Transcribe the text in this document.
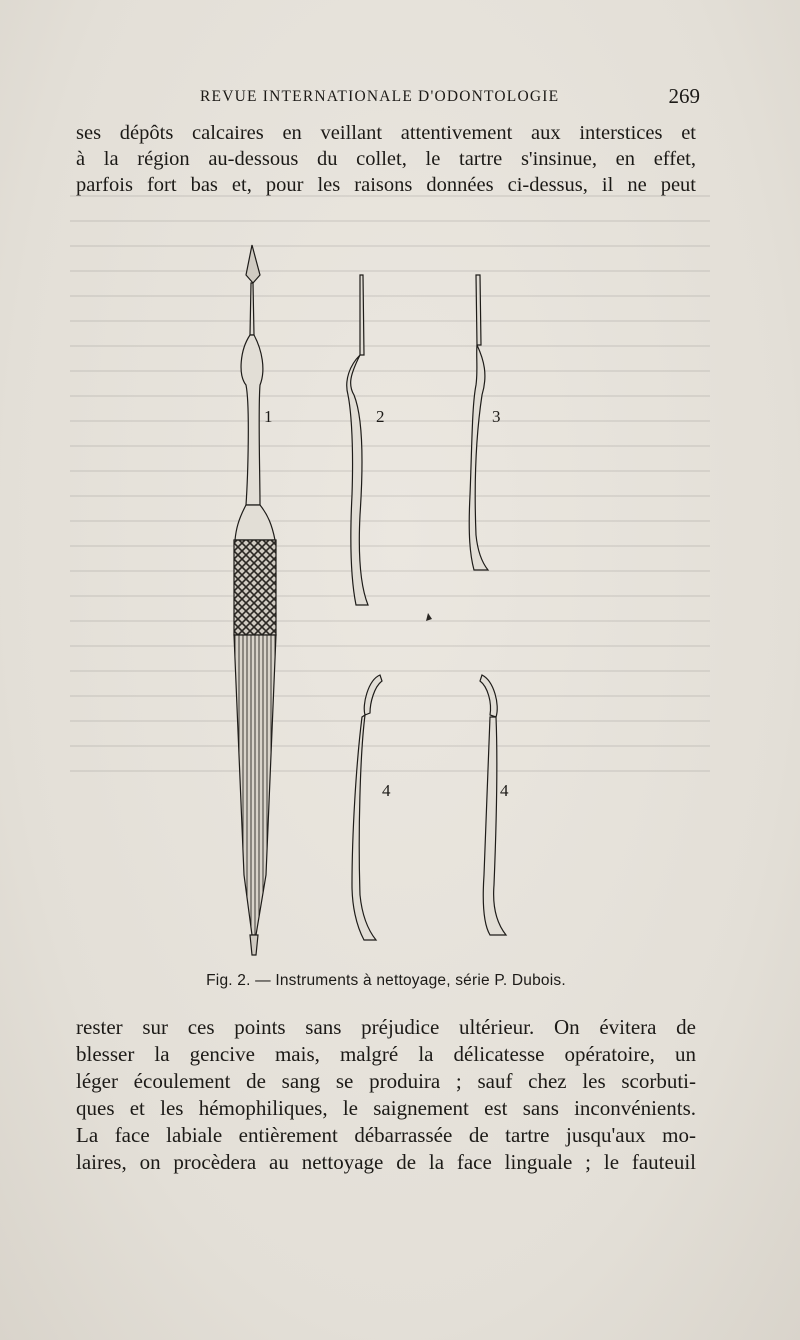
REVUE INTERNATIONALE D'ODONTOLOGIE	269
ses dépôts calcaires en veillant attentivement aux interstices et
à la région au-dessous du collet, le tartre s'insinue, en effet,
parfois fort bas et, pour les raisons données ci-dessus, il ne peut
1	2	3
4	4
Fig. 2. — Instruments à nettoyage, série P. Dubois.
rester sur ces points sans préjudice ultérieur. On évitera de
blesser la gencive mais, malgré la délicatesse opératoire, un
léger écoulement de sang se produira ; sauf chez les scorbuti-
ques et les hémophiliques, le saignement est sans inconvénients.
La face labiale entièrement débarrassée de tartre jusqu'aux mo-
laires, on procèdera au nettoyage de la face linguale ; le fauteuil
